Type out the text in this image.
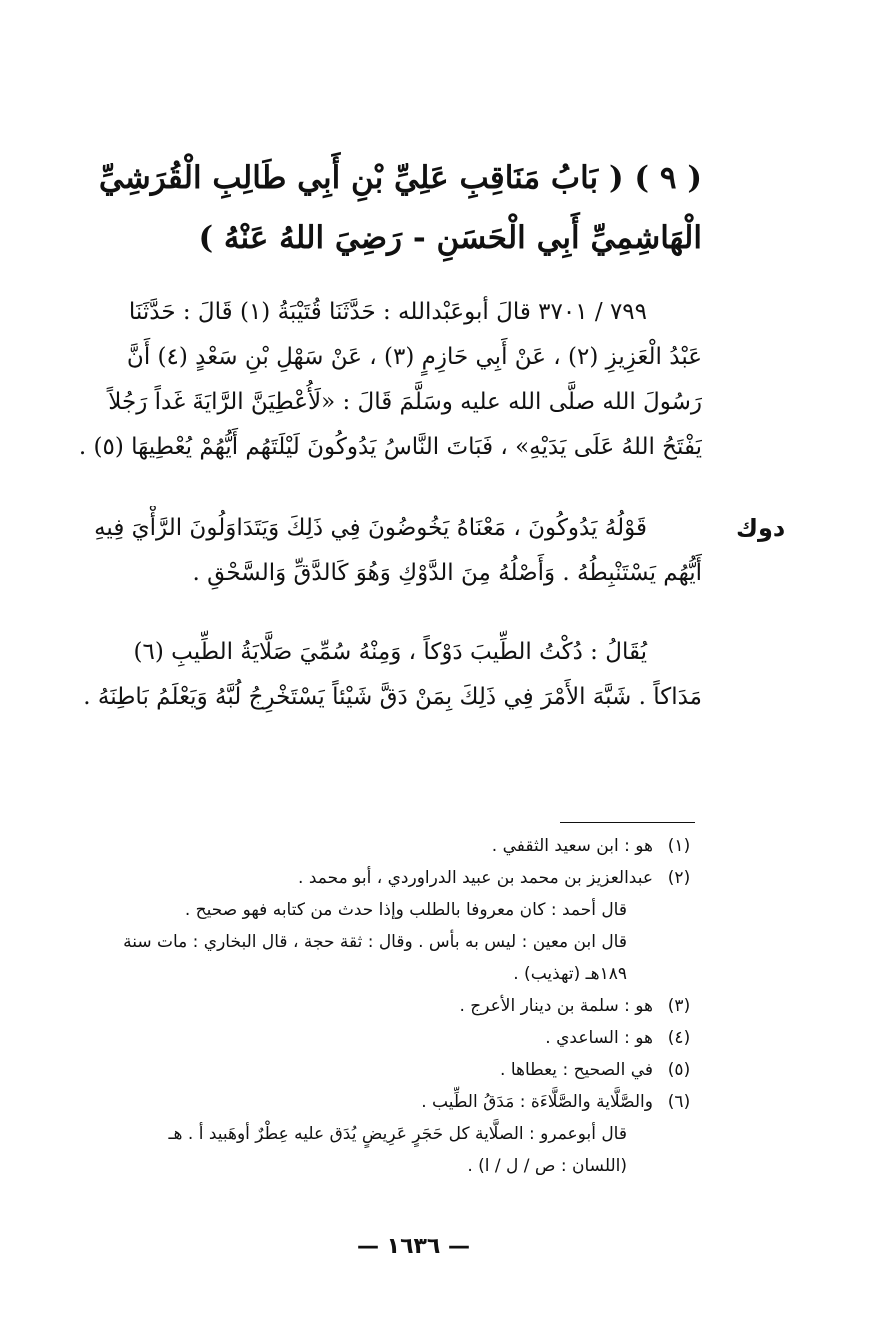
( ٩ ) ( بَابُ مَنَاقِبِ عَلِيِّ بْنِ أَبِي طَالِبِ الْقُرَشِيِّ
الْهَاشِمِيِّ أَبِي الْحَسَنِ - رَضِيَ اللهُ عَنْهُ )
٧٩٩ / ٣٧٠١ قالَ أبوعَبْدالله : حَدَّثَنَا قُتَيْبَةُ (١) قَالَ : حَدَّثَنَا
عَبْدُ الْعَزِيزِ (٢) ، عَنْ أَبِي حَازِمٍ (٣) ، عَنْ سَهْلِ بْنِ سَعْدٍ (٤) أَنَّ
رَسُولَ الله صلَّى الله عليه وسَلَّمَ قَالَ : «لَأُعْطِيَنَّ الرَّايَةَ غَداً رَجُلاً
يَفْتَحُ اللهُ عَلَى يَدَيْهِ» ، فَبَاتَ النَّاسُ يَدُوكُونَ لَيْلَتَهُم أَيُّهُمْ يُعْطِيهَا (٥) .
دوك
قَوْلُهُ يَدُوكُونَ ، مَعْنَاهُ يَخُوضُونَ فِي ذَلِكَ وَيَتَدَاوَلُونَ الرَّأْيَ فِيهِ
أَيُّهُم يَسْتَنْبِطُهُ . وَأَصْلُهُ مِنَ الدَّوْكِ وَهُوَ كَالدَّقِّ وَالسَّحْقِ .
يُقَالُ : دُكْتُ الطِّيبَ دَوْكاً ، وَمِنْهُ سُمِّيَ صَلَّايَةُ الطِّيبِ (٦)
مَدَاكاً . شَبَّهَ الأَمْرَ فِي ذَلِكَ بِمَنْ دَقَّ شَيْئاً يَسْتَخْرِجُ لُبَّهُ وَيَعْلَمُ بَاطِنَهُ .
(١)
هو : ابن سعيد الثقفي .
(٢)
عبدالعزيز بن محمد بن عبيد الدراوردي ، أبو محمد .
قال أحمد : كان معروفا بالطلب وإذا حدث من كتابه فهو صحيح .
قال ابن معين : ليس به بأس . وقال : ثقة حجة ، قال البخاري : مات سنة
١٨٩هـ (تهذيب) .
(٣)
هو : سلمة بن دينار الأعرج .
(٤)
هو : الساعدي .
(٥)
في الصحيح : يعطاها .
(٦)
والصَّلَّاية والصَّلَّاءَة : مَدَقُ الطِّيب .
قال أبوعمرو : الصلَّاية كل حَجَرٍ عَرِيضٍ يُدَق عليه عِطْرٌ أوهَبيد أ . هـ
(اللسان : ص / ل / ا) .
— ١٦٣٦ —
